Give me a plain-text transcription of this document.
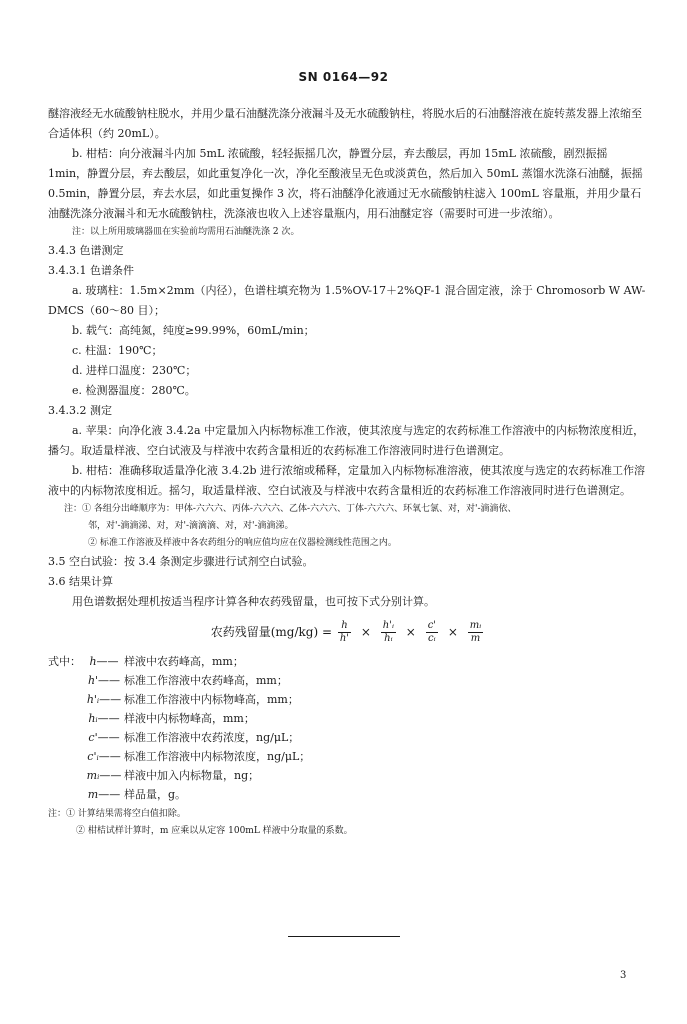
SN 0164—92

醚溶液经无水硫酸钠柱脱水，并用少量石油醚洗涤分液漏斗及无水硫酸钠柱，将脱水后的石油醚溶液在旋转蒸发器上浓缩至合适体积（约 20mL）。

b. 柑桔：向分液漏斗内加 5mL 浓硫酸，轻轻振摇几次，静置分层，弃去酸层，再加 15mL 浓硫酸，剧烈振摇 1min，静置分层，弃去酸层，如此重复净化一次，净化至酸液呈无色或淡黄色，然后加入 50mL 蒸馏水洗涤石油醚，振摇 0.5min，静置分层，弃去水层，如此重复操作 3 次，将石油醚净化液通过无水硫酸钠柱滤入 100mL 容量瓶，并用少量石油醚洗涤分液漏斗和无水硫酸钠柱，洗涤液也收入上述容量瓶内，用石油醚定容（需要时可进一步浓缩）。

注：以上所用玻璃器皿在实验前均需用石油醚洗涤 2 次。

3.4.3 色谱测定

3.4.3.1 色谱条件

a. 玻璃柱：1.5m×2mm（内径），色谱柱填充物为 1.5%OV-17＋2%QF-1 混合固定液，涂于 Chromosorb W AW-DMCS（60～80 目）；

b. 载气：高纯氮，纯度≥99.99%，60mL/min；

c. 柱温：190℃；

d. 进样口温度：230℃；

e. 检测器温度：280℃。

3.4.3.2 测定

a. 苹果：向净化液 3.4.2a 中定量加入内标物标准工作液，使其浓度与选定的农药标准工作溶液中的内标物浓度相近，播匀。取适量样液、空白试液及与样液中农药含量相近的农药标准工作溶液同时进行色谱测定。

b. 柑桔：准确移取适量净化液 3.4.2b 进行浓缩或稀释，定量加入内标物标准溶液，使其浓度与选定的农药标准工作溶液中的内标物浓度相近。摇匀，取适量样液、空白试液及与样液中农药含量相近的农药标准工作溶液同时进行色谱测定。

注：① 各组分出峰顺序为：甲体-六六六、丙体-六六六、乙体-六六六、丁体-六六六、环氧七氯、对，对'-滴滴依、

邻，对'-滴滴涕、对，对'-滴滴滴、对，对'-滴滴涕。

② 标准工作溶液及样液中各农药组分的响应值均应在仪器检测线性范围之内。

3.5 空白试验：按 3.4 条测定步骤进行试剂空白试验。

3.6 结果计算

用色谱数据处理机按适当程序计算各种农药残留量，也可按下式分别计算。

农药残留量$(mg/kg) = \frac{h}{h'} \times \frac{\text{h'ᵢ}}{\text{hᵢ}} \times \frac{c'}{\text{cᵢ}} \times \frac{\text{mᵢ}}{m}$
式中： h—— 样液中农药峰高，mm；
h'—— 标准工作溶液中农药峰高，mm；
h'ᵢ—— 标准工作溶液中内标物峰高，mm；
hᵢ—— 样液中内标物峰高，mm；
c'—— 标准工作溶液中农药浓度，ng/μL；
c'ᵢ—— 标准工作溶液中内标物浓度，ng/μL；
mᵢ—— 样液中加入内标物量，ng；
m—— 样品量，g。

注：① 计算结果需将空白值扣除。

② 柑桔试样计算时，m 应乘以从定容 100mL 样液中分取量的系数。

3
